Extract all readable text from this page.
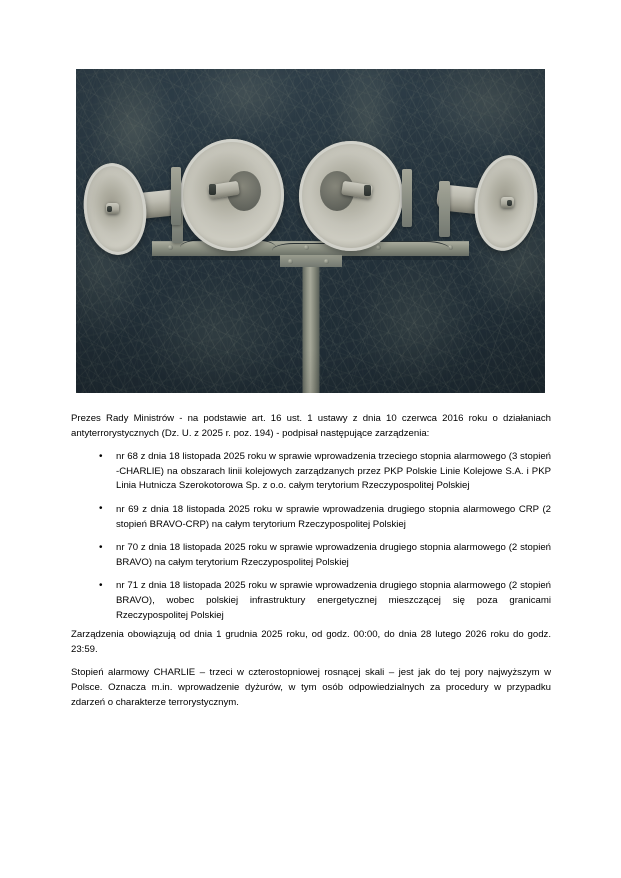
Prezes Rady Ministrów - na podstawie art. 16 ust. 1 ustawy z dnia 10 czerwca 2016 roku o działaniach antyterrorystycznych (Dz. U. z 2025 r. poz. 194) - podpisał następujące zarządzenia:

• nr 68 z dnia 18 listopada 2025 roku w sprawie wprowadzenia trzeciego stopnia alarmowego (3 stopień -CHARLIE) na obszarach linii kolejowych zarządzanych przez PKP Polskie Linie Kolejowe S.A. i PKP Linia Hutnicza Szerokotorowa Sp. z o.o. całym terytorium Rzeczypospolitej Polskiej
• nr 69 z dnia 18 listopada 2025 roku w sprawie wprowadzenia drugiego stopnia alarmowego CRP (2 stopień BRAVO-CRP) na całym terytorium Rzeczypospolitej Polskiej
• nr 70 z dnia 18 listopada 2025 roku w sprawie wprowadzenia drugiego stopnia alarmowego (2 stopień BRAVO) na całym terytorium Rzeczypospolitej Polskiej
• nr 71 z dnia 18 listopada 2025 roku w sprawie wprowadzenia drugiego stopnia alarmowego (2 stopień BRAVO), wobec polskiej infrastruktury energetycznej mieszczącej się poza granicami Rzeczypospolitej Polskiej

Zarządzenia obowiązują od dnia 1 grudnia 2025 roku, od godz. 00:00, do dnia 28 lutego 2026 roku do godz. 23:59.

Stopień alarmowy CHARLIE – trzeci w czterostopniowej rosnącej skali – jest jak do tej pory najwyższym w Polsce. Oznacza m.in. wprowadzenie dyżurów, w tym osób odpowiedzialnych za procedury w przypadku zdarzeń o charakterze terrorystycznym.
